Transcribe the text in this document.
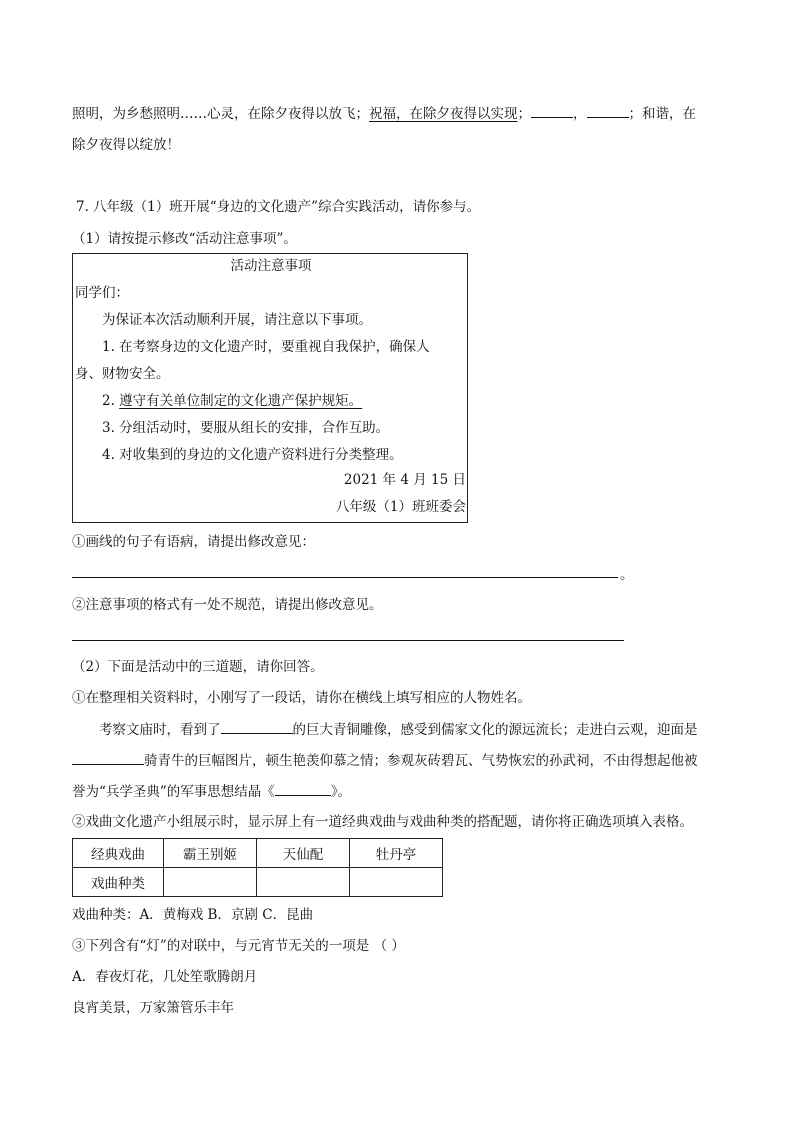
照明，为乡愁照明……心灵，在除夕夜得以放飞；祝福，在除夕夜得以实现；	，	；和谐，在
除夕夜得以绽放！
7. 八年级（1）班开展“身边的文化遗产”综合实践活动，请你参与。
（1）请按提示修改“活动注意事项”。
活动注意事项
同学们：
为保证本次活动顺利开展，请注意以下事项。
1. 在考察身边的文化遗产时，要重视自我保护，确保人
身、财物安全。
2. 遵守有关单位制定的文化遗产保护规矩。
3. 分组活动时，要服从组长的安排，合作互助。
4. 对收集到的身边的文化遗产资料进行分类整理。
2021 年 4 月 15 日
八年级（1）班班委会
①画线的句子有语病，请提出修改意见：
。
②注意事项的格式有一处不规范，请提出修改意见。
（2）下面是活动中的三道题，请你回答。
①在整理相关资料时，小刚写了一段话，请你在横线上填写相应的人物姓名。
考察文庙时，看到了	的巨大青铜雕像，感受到儒家文化的源远流长；走进白云观，迎面是
骑青牛的巨幅图片，顿生艳羡仰慕之情；参观灰砖碧瓦、气势恢宏的孙武祠，不由得想起他被
誉为“兵学圣典”的军事思想结晶《	》。
②戏曲文化遗产小组展示时，显示屏上有一道经典戏曲与戏曲种类的搭配题，请你将正确选项填入表格。
经典戏曲	霸王别姬	天仙配	牡丹亭
戏曲种类			
戏曲种类：A．黄梅戏 B．京剧 C．昆曲
③下列含有“灯”的对联中，与元宵节无关的一项是 （ ）
A．春夜灯花，几处笙歌腾朗月
良宵美景，万家箫管乐丰年
